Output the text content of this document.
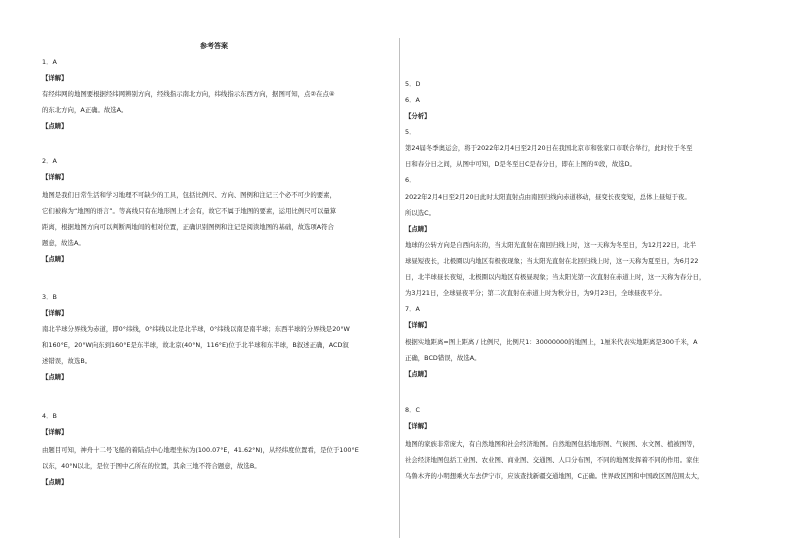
参考答案
1．A
【详解】
有经纬网的地图要根据经纬网辨别方向，经线指示南北方向，纬线指示东西方向，据图可知，点②在点④
的东北方向，A正确。故选A。
【点睛】
2．A
【详解】
地图是我们日常生活和学习地理不可缺少的工具，包括比例尺、方向、图例和注记三个必不可少的要素，
它们被称为“地图的语言”。等高线只有在地形图上才会有，故它不属于地图的要素，运用比例尺可以量算
距离，根据地图方向可以判断两地间的相对位置，正确识别图例和注记是阅读地图的基础，故选项A符合
题意，故选A。
【点睛】
3．B
【详解】
南北半球分界线为赤道，即0°纬线，0°纬线以北是北半球，0°纬线以南是南半球；东西半球的分界线是20°W
和160°E，20°W向东到160°E是东半球，故北京(40°N，116°E)位于北半球和东半球，B叙述正确，ACD叙
述错误，故选B。
【点睛】
4．B
【详解】
由题目可知，神舟十二号飞船的着陆点中心地理坐标为(100.07°E，41.62°N)，从经纬度位置看，是位于100°E
以东，40°N以北，是位于图中乙所在的位置，其余三地不符合题意，故选B。
【点睛】
5．D
6．A
【分析】
5．
第24届冬季奥运会，将于2022年2月4日至2月20日在我国北京市和张家口市联合举行，此时位于冬至
日和春分日之间，从图中可知，D是冬至日C是春分日，即在上图的①段，故选D。
6．
2022年2月4日至2月20日此时太阳直射点由南回归线向赤道移动，昼变长夜变短，总体上昼短于夜。
所以选C。
【点睛】
地球的公转方向是自西向东的，当太阳光直射在南回归线上时，这一天称为冬至日，为12月22日，北半
球昼短夜长，北极圈以内地区有极夜现象；当太阳光直射在北回归线上时，这一天称为夏至日，为6月22
日，北半球昼长夜短，北极圈以内地区有极昼现象；当太阳光第一次直射在赤道上时，这一天称为春分日，
为3月21日，全球昼夜平分；第二次直射在赤道上时为秋分日，为9月23日，全球昼夜平分。
7．A
【详解】
根据实地距离=图上距离 / 比例尺，比例尺1：30000000的地图上，1厘米代表实地距离是300千米，A
正确，BCD错误，故选A。
【点睛】
8．C
【详解】
地图的家族非常庞大，有自然地图和社会经济地图。自然地图包括地形图、气候图、水文图、植被图等，
社会经济地图包括工业图、农业图、商业图、交通图、人口分布图，不同的地图发挥着不同的作用。家住
乌鲁木齐的小明想乘火车去伊宁市，应该查找新疆交通地图，C正确。世界政区图和中国政区图范围太大，
